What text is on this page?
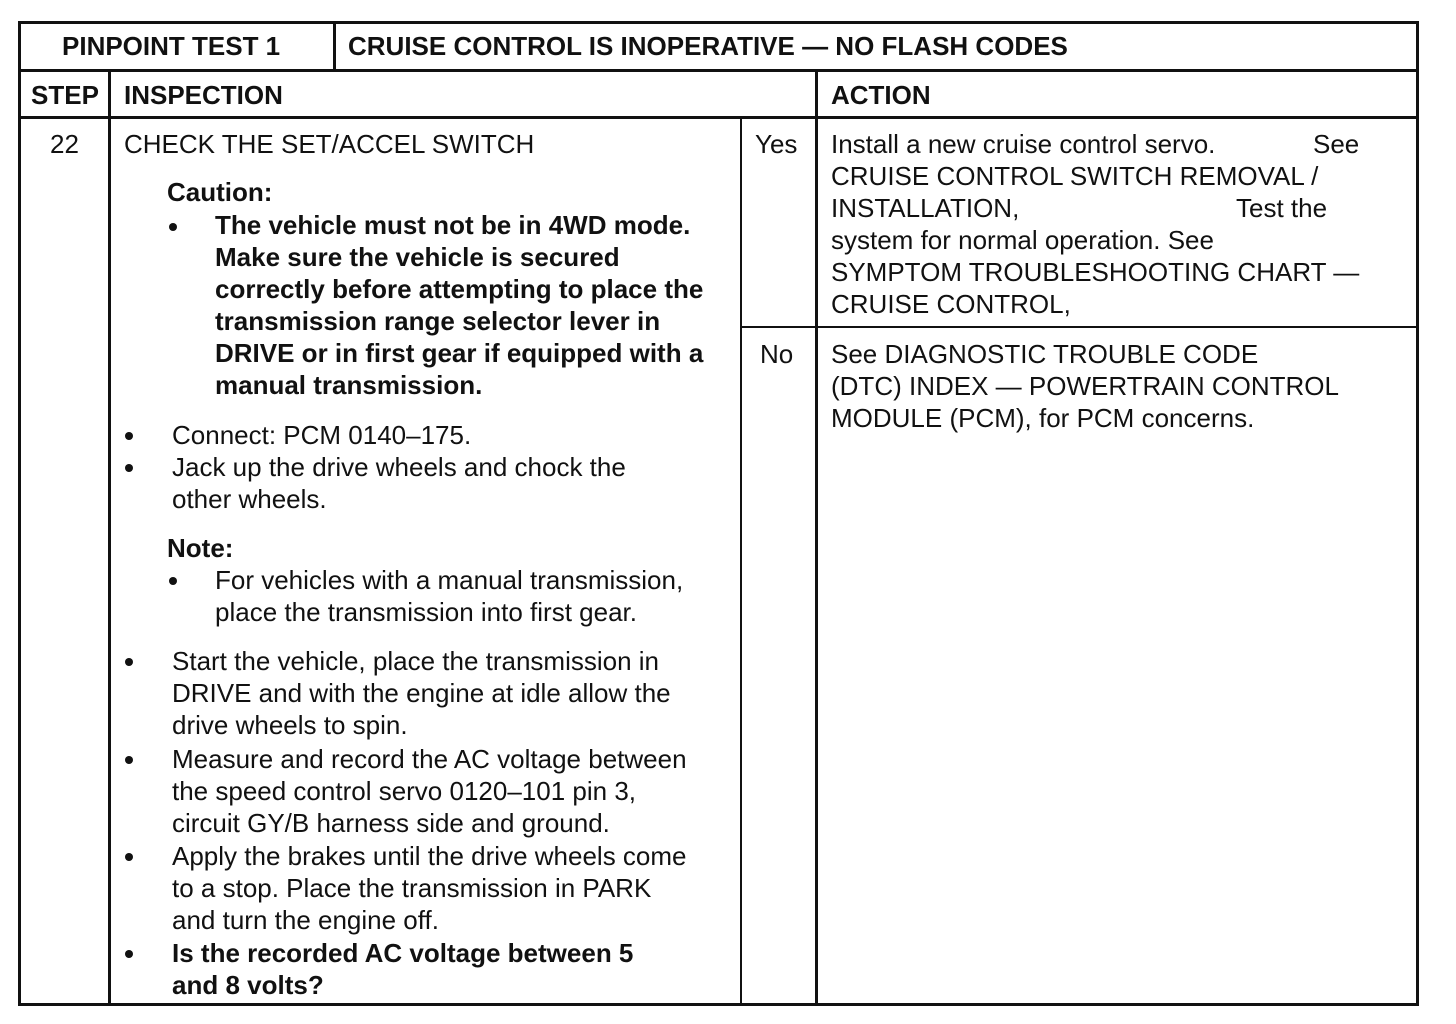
PINPOINT TEST 1	CRUISE CONTROL IS INOPERATIVE — NO FLASH CODES
STEP INSPECTION	ACTION
22 CHECK THE SET/ACCEL SWITCH
Caution:
The vehicle must not be in 4WD mode.
Make sure the vehicle is secured
correctly before attempting to place the
transmission range selector lever in
DRIVE or in first gear if equipped with a
manual transmission.
Connect: PCM 0140–175.
Jack up the drive wheels and chock the
other wheels.
Note:
For vehicles with a manual transmission,
place the transmission into first gear.
Start the vehicle, place the transmission in
DRIVE and with the engine at idle allow the
drive wheels to spin.
Measure and record the AC voltage between
the speed control servo 0120–101 pin 3,
circuit GY/B harness side and ground.
Apply the brakes until the drive wheels come
to a stop. Place the transmission in PARK
and turn the engine off.
Is the recorded AC voltage between 5
and 8 volts?
Yes Install a new cruise control servo.	See
CRUISE CONTROL SWITCH REMOVAL /
INSTALLATION,	Test the
system for normal operation. See
SYMPTOM TROUBLESHOOTING CHART —
CRUISE CONTROL,
No See DIAGNOSTIC TROUBLE CODE
(DTC) INDEX — POWERTRAIN CONTROL
MODULE (PCM), for PCM concerns.
